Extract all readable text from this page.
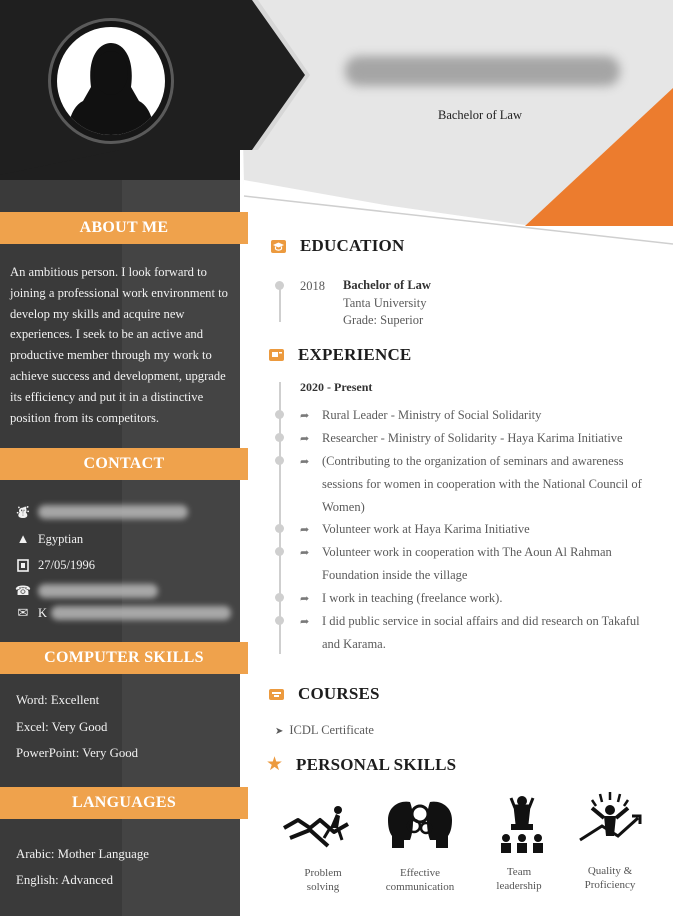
ABOUT ME
An ambitious person. I look forward to joining a professional work environment to develop my skills and acquire new experiences. I seek to be an active and productive member through my work to achieve success and development, upgrade its efficiency and put it in a distinctive position from its competitors.
CONTACT
⛇
▲ Egyptian
27/05/1996
☎
✉ K
COMPUTER SKILLS
Word: Excellent
Excel: Very Good
PowerPoint: Very Good
LANGUAGES
Arabic: Mother Language
English: Advanced
Bachelor of Law
EDUCATION
2018 Bachelor of Law
Tanta University
Grade: Superior
EXPERIENCE
2020 - Present
➦	Rural Leader - Ministry of Social Solidarity
➦	Researcher - Ministry of Solidarity - Haya Karima Initiative
➦	(Contributing to the organization of seminars and awareness sessions for women in cooperation with the National Council of Women)
➦	Volunteer work at Haya Karima Initiative
➦	Volunteer work in cooperation with The Aoun Al Rahman Foundation inside the village
➦	I work in teaching (freelance work).
➦	I did public service in social affairs and did research on Takaful and Karama.
COURSES
➤ ICDL Certificate
★ PERSONAL SKILLS
Problem
solving
Effective
communication
Team
leadership
Quality &
Proficiency
